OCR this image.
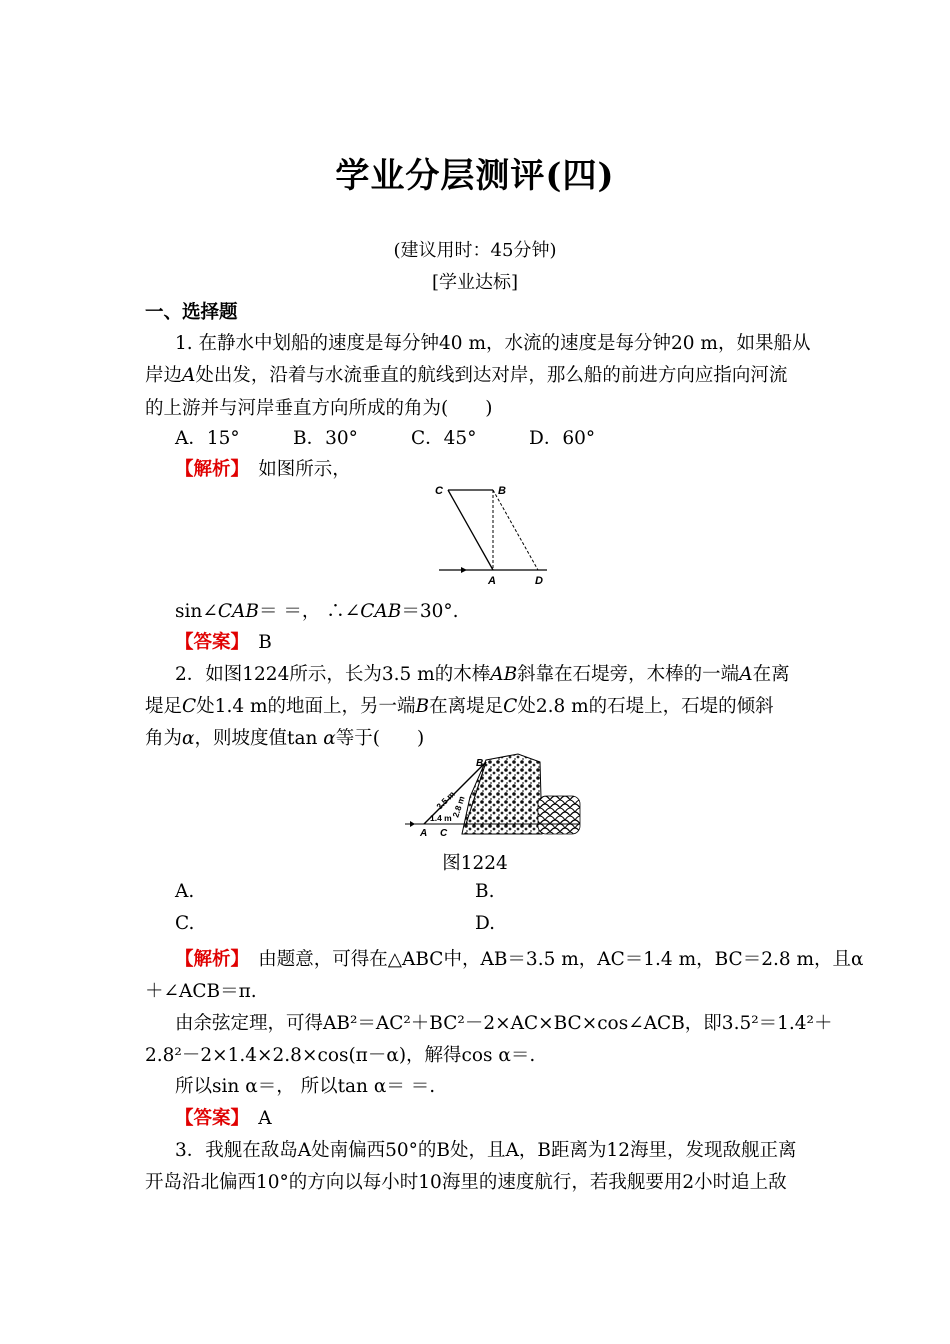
学业分层测评(四)
(建议用时：45分钟)
[学业达标]
一、选择题
1. 在静水中划船的速度是每分钟40 m，水流的速度是每分钟20 m，如果船从
岸边A处出发，沿着与水流垂直的航线到达对岸，那么船的前进方向应指向河流
的上游并与河岸垂直方向所成的角为(　　)
A．15°	B．30°	C．45°	D．60°
【解析】　 如图所示，
C	B
A	D
sin∠CAB＝ ＝， ∴∠CAB＝30°.
【答案】　 B
2．如图1224所示，长为3.5 m的木棒AB斜靠在石堤旁，木棒的一端A在离
堤足C处1.4 m的地面上，另一端B在离堤足C处2.8 m的石堤上，石堤的倾斜
角为α，则坡度值tan α等于(　　)
B
3.5 m
2.8 m
1.4 m
A C
图1224
A.	B.
C.	D.
【解析】　 由题意，可得在△ABC中，AB＝3.5 m，AC＝1.4 m，BC＝2.8 m，且α
＋∠ACB＝π.
由余弦定理，可得AB²＝AC²＋BC²－2×AC×BC×cos∠ACB，即3.5²＝1.4²＋
2.8²－2×1.4×2.8×cos(π－α)，解得cos α＝.
所以sin α＝， 所以tan α＝ ＝.
【答案】　 A
3．我舰在敌岛A处南偏西50°的B处，且A，B距离为12海里，发现敌舰正离
开岛沿北偏西10°的方向以每小时10海里的速度航行，若我舰要用2小时追上敌
